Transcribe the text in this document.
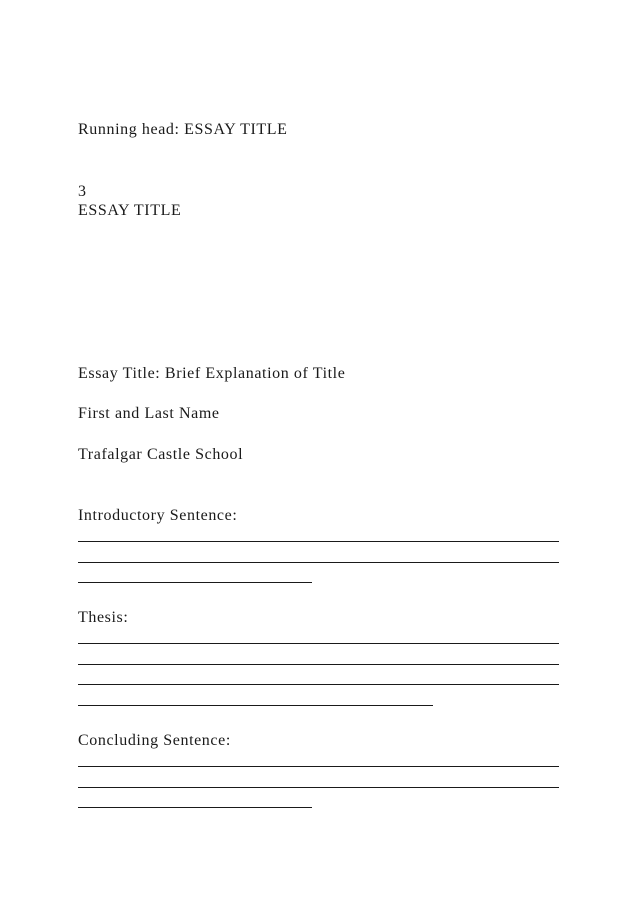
Running head: ESSAY TITLE
3
ESSAY TITLE
Essay Title: Brief Explanation of Title
First and Last Name
Trafalgar Castle School
Introductory Sentence:
Thesis:
Concluding Sentence:
